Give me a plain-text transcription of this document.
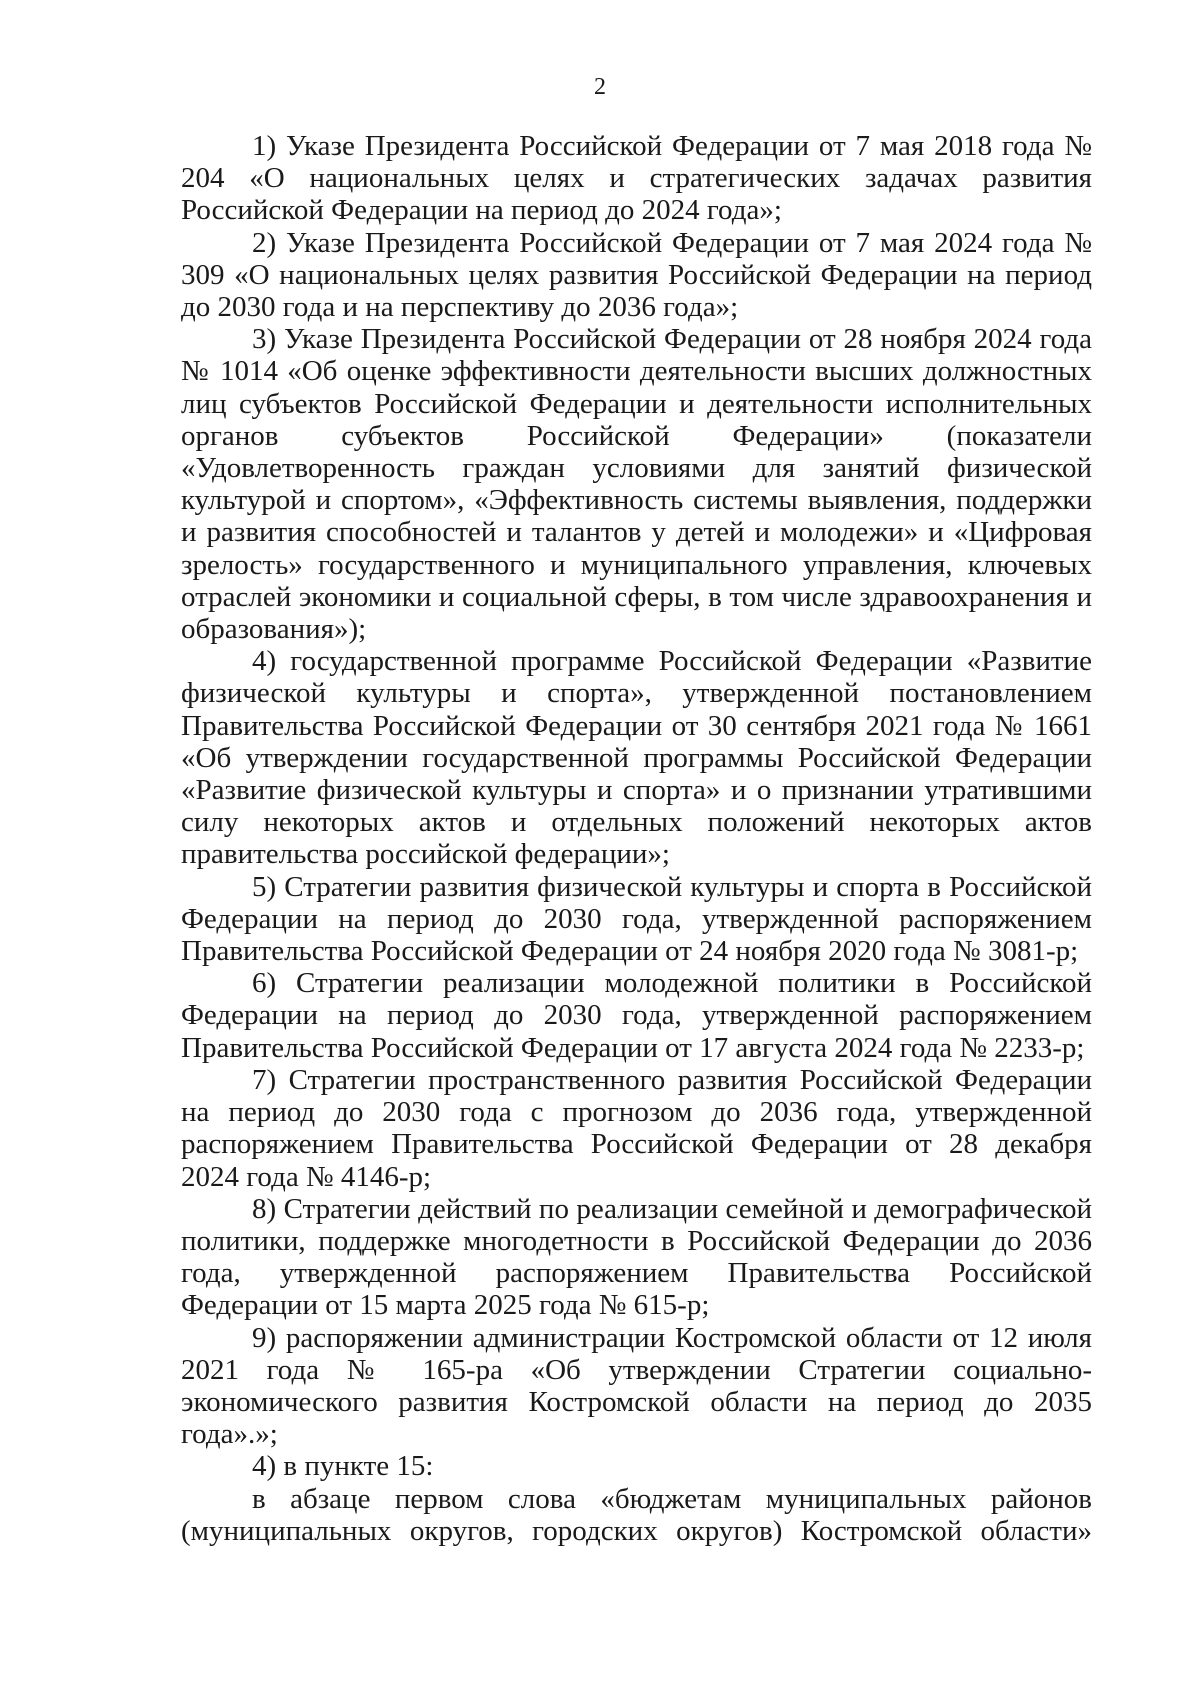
2

1) Указе Президента Российской Федерации от 7 мая 2018 года № 204 «О национальных целях и стратегических задачах развития Российской Федерации на период до 2024 года»;

2) Указе Президента Российской Федерации от 7 мая 2024 года № 309 «О национальных целях развития Российской Федерации на период до 2030 года и на перспективу до 2036 года»;

3) Указе Президента Российской Федерации от 28 ноября 2024 года № 1014 «Об оценке эффективности деятельности высших должностных лиц субъектов Российской Федерации и деятельности исполнительных органов субъектов Российской Федерации» (показатели «Удовлетворенность граждан условиями для занятий физической культурой и спортом», «Эффективность системы выявления, поддержки и развития способностей и талантов у детей и молодежи» и «Цифровая зрелость» государственного и муниципального управления, ключевых отраслей экономики и социальной сферы, в том числе здравоохранения и образования»);

4) государственной программе Российской Федерации «Развитие физической культуры и спорта», утвержденной постановлением Правительства Российской Федерации от 30 сентября 2021 года № 1661 «Об утверждении государственной программы Российской Федерации «Развитие физической культуры и спорта» и о признании утратившими силу некоторых актов и отдельных положений некоторых актов правительства российской федерации»;

5) Стратегии развития физической культуры и спорта в Российской Федерации на период до 2030 года, утвержденной распоряжением Правительства Российской Федерации от 24 ноября 2020 года № 3081-р;

6) Стратегии реализации молодежной политики в Российской Федерации на период до 2030 года, утвержденной распоряжением Правительства Российской Федерации от 17 августа 2024 года № 2233-р;

7) Стратегии пространственного развития Российской Федерации на период до 2030 года с прогнозом до 2036 года, утвержденной распоряжением Правительства Российской Федерации от 28 декабря 2024 года № 4146-р;

8) Стратегии действий по реализации семейной и демографической политики, поддержке многодетности в Российской Федерации до 2036 года, утвержденной распоряжением Правительства Российской Федерации от 15 марта 2025 года № 615-р;

9) распоряжении администрации Костромской области от 12 июля 2021 года № 165-ра «Об утверждении Стратегии социально-экономического развития Костромской области на период до 2035 года».»;

4) в пункте 15:

в абзаце первом слова «бюджетам муниципальных районов (муниципальных округов, городских округов) Костромской области»
